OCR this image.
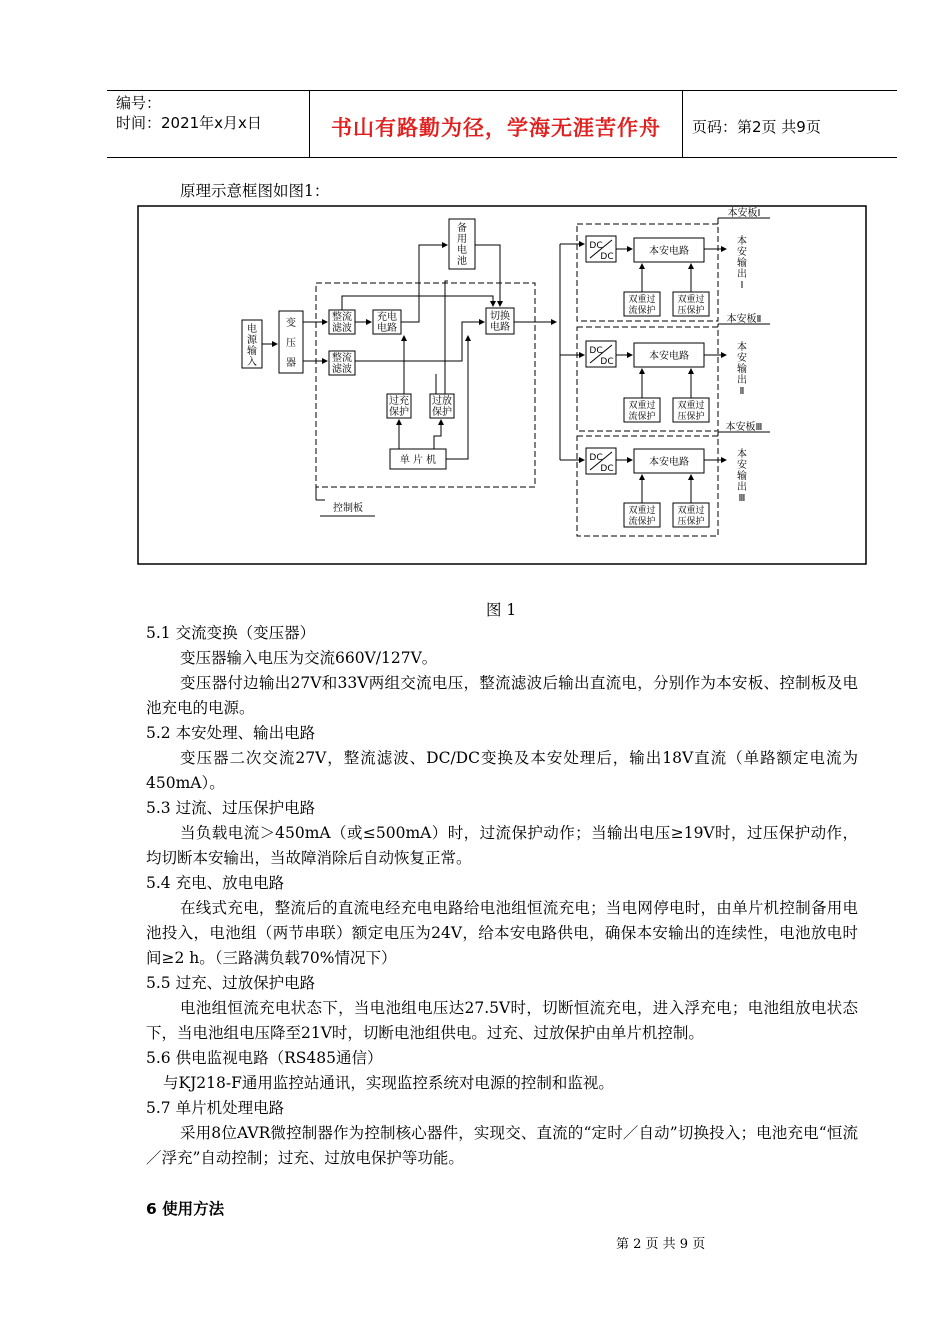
编号：
时间：2021年x月x日	书山有路勤为径，学海无涯苦作舟	页码：第2页 共9页
原理示意框图如图1：
电
源
输
入
变
压
器
整流
滤波
整流
滤波
充电
电路
备
用
电
池
切换
电路
过充
保护
过放
保护
单 片 机
控制板
本安板Ⅰ
DC
DC	本安电路
双重过
流保护
双重过
压保护
本
安
输
出
Ⅰ
本安板Ⅱ
DC
DC	本安电路
双重过
流保护
双重过
压保护
本
安
输
出
Ⅱ
本安板Ⅲ
DC
DC
本安电路
双重过
流保护
双重过
压保护
本
安
输
出
Ⅲ
图 1
5.1 交流变换（变压器）
变压器输入电压为交流660V/127V。
变压器付边输出27V和33V两组交流电压，整流滤波后输出直流电，分别作为本安板、控制板及电池充电的电源。
5.2 本安处理、输出电路
变压器二次交流27V，整流滤波、DC/DC变换及本安处理后，输出18V直流（单路额定电流为450mA）。
5.3 过流、过压保护电路
当负载电流＞450mA（或≤500mA）时，过流保护动作；当输出电压≥19V时，过压保护动作，均切断本安输出，当故障消除后自动恢复正常。
5.4 充电、放电电路
在线式充电，整流后的直流电经充电电路给电池组恒流充电；当电网停电时，由单片机控制备用电池投入，电池组（两节串联）额定电压为24V，给本安电路供电，确保本安输出的连续性，电池放电时间≥2 h。（三路满负载70%情况下）
5.5 过充、过放保护电路
电池组恒流充电状态下，当电池组电压达27.5V时，切断恒流充电，进入浮充电；电池组放电状态下，当电池组电压降至21V时，切断电池组供电。过充、过放保护由单片机控制。
5.6 供电监视电路（RS485通信）
与KJ218-F通用监控站通讯，实现监控系统对电源的控制和监视。
5.7 单片机处理电路
采用8位AVR微控制器作为控制核心器件，实现交、直流的“定时／自动”切换投入；电池充电“恒流／浮充”自动控制；过充、过放电保护等功能。
6 使用方法
第 2 页 共 9 页
